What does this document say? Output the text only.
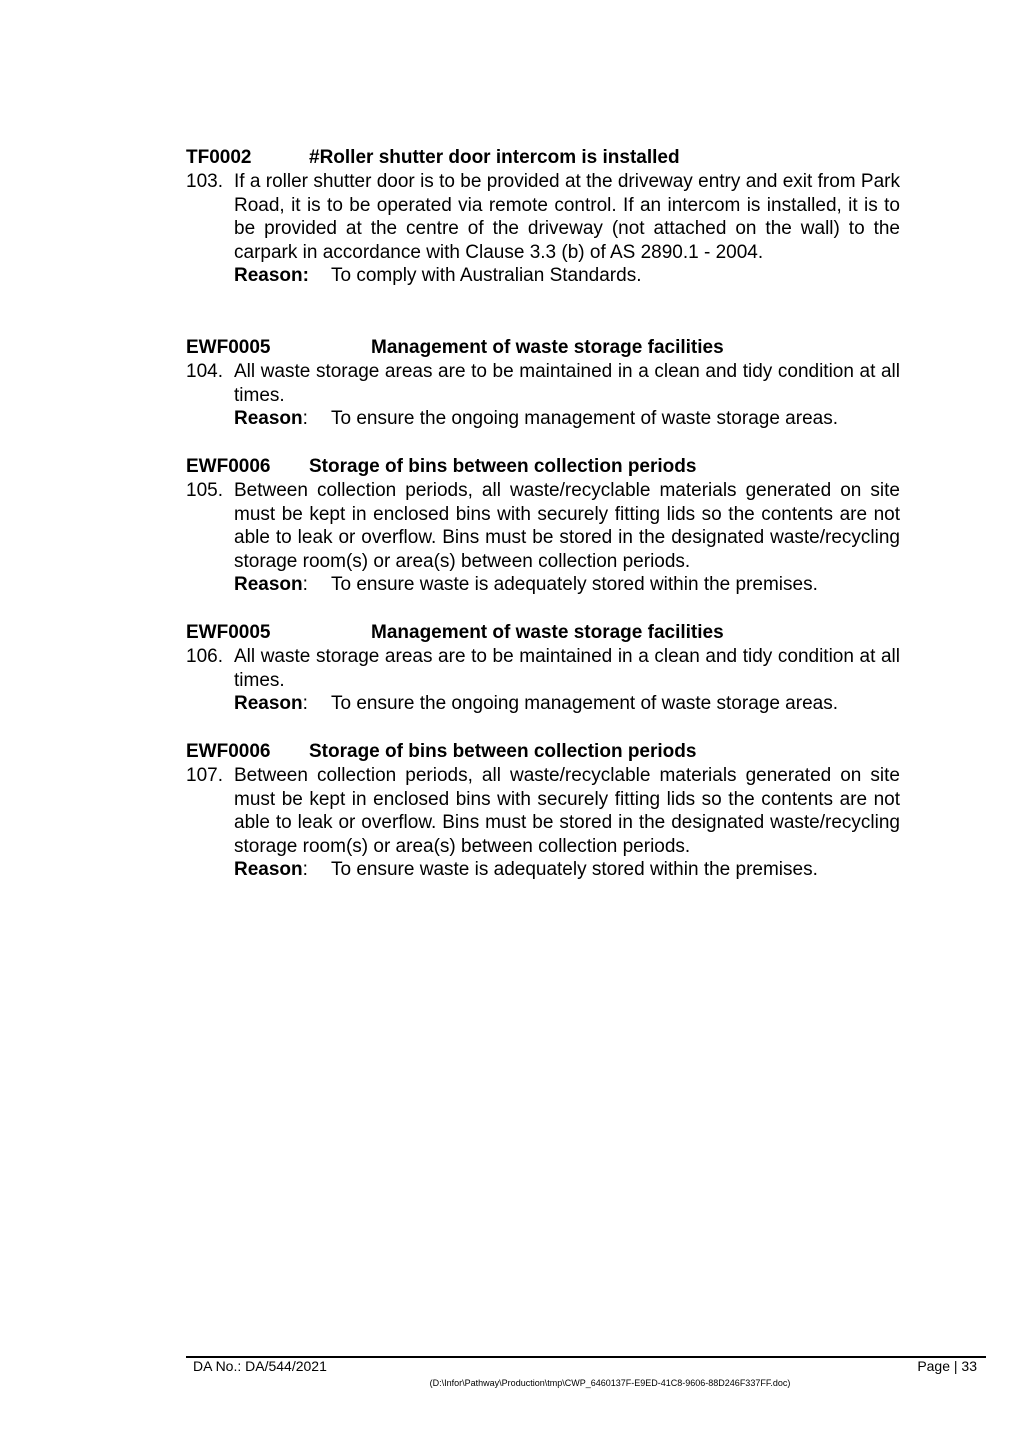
TF0002	#Roller shutter door intercom is installed
103. If a roller shutter door is to be provided at the driveway entry and exit from Park Road, it is to be operated via remote control. If an intercom is installed, it is to be provided at the centre of the driveway (not attached on the wall) to the carpark in accordance with Clause 3.3 (b) of AS 2890.1 - 2004.
Reason: To comply with Australian Standards.
EWF0005	Management of waste storage facilities
104. All waste storage areas are to be maintained in a clean and tidy condition at all times.
Reason: To ensure the ongoing management of waste storage areas.
EWF0006 Storage of bins between collection periods
105. Between collection periods, all waste/recyclable materials generated on site must be kept in enclosed bins with securely fitting lids so the contents are not able to leak or overflow. Bins must be stored in the designated waste/recycling storage room(s) or area(s) between collection periods.
Reason: To ensure waste is adequately stored within the premises.
EWF0005	Management of waste storage facilities
106. All waste storage areas are to be maintained in a clean and tidy condition at all times.
Reason: To ensure the ongoing management of waste storage areas.
EWF0006 Storage of bins between collection periods
107. Between collection periods, all waste/recyclable materials generated on site must be kept in enclosed bins with securely fitting lids so the contents are not able to leak or overflow. Bins must be stored in the designated waste/recycling storage room(s) or area(s) between collection periods.
Reason: To ensure waste is adequately stored within the premises.
DA No.: DA/544/2021	Page | 33
(D:\Infor\Pathway\Production\tmp\CWP_6460137F-E9ED-41C8-9606-88D246F337FF.doc)
